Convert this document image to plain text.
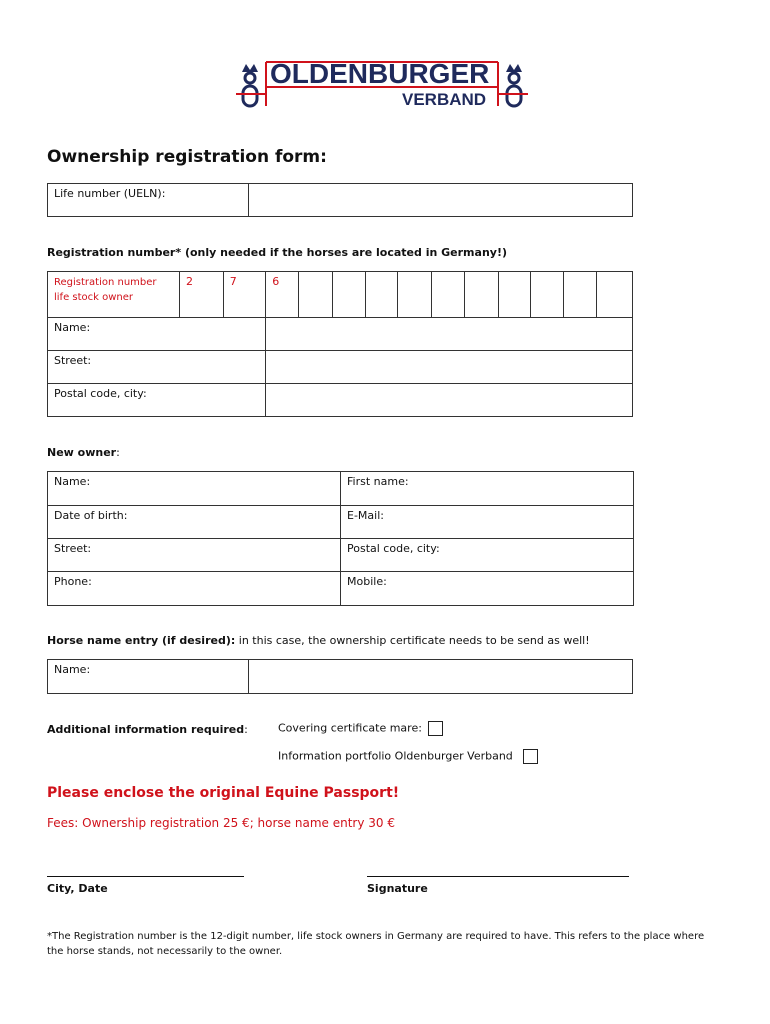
OLDENBURGER
VERBAND
Ownership registration form:
Life number (UELN):	
Registration number* (only needed if the horses are located in Germany!)
Registration number life stock owner	2	7	6										
Name:													
Street:													
Postal code, city:													
New owner:
Name:	First name:
Date of birth:	E-Mail:
Street:	Postal code, city:
Phone:	Mobile:
Horse name entry (if desired): in this case, the ownership certificate needs to be send as well!
Name:	
Additional information required:	Covering certificate mare:
Information portfolio Oldenburger Verband
Please enclose the original Equine Passport!
Fees: Ownership registration 25 €; horse name entry 30 €
City, Date	Signature
*The Registration number is the 12-digit number, life stock owners in Germany are required to have. This refers to the place where the horse stands, not necessarily to the owner.
